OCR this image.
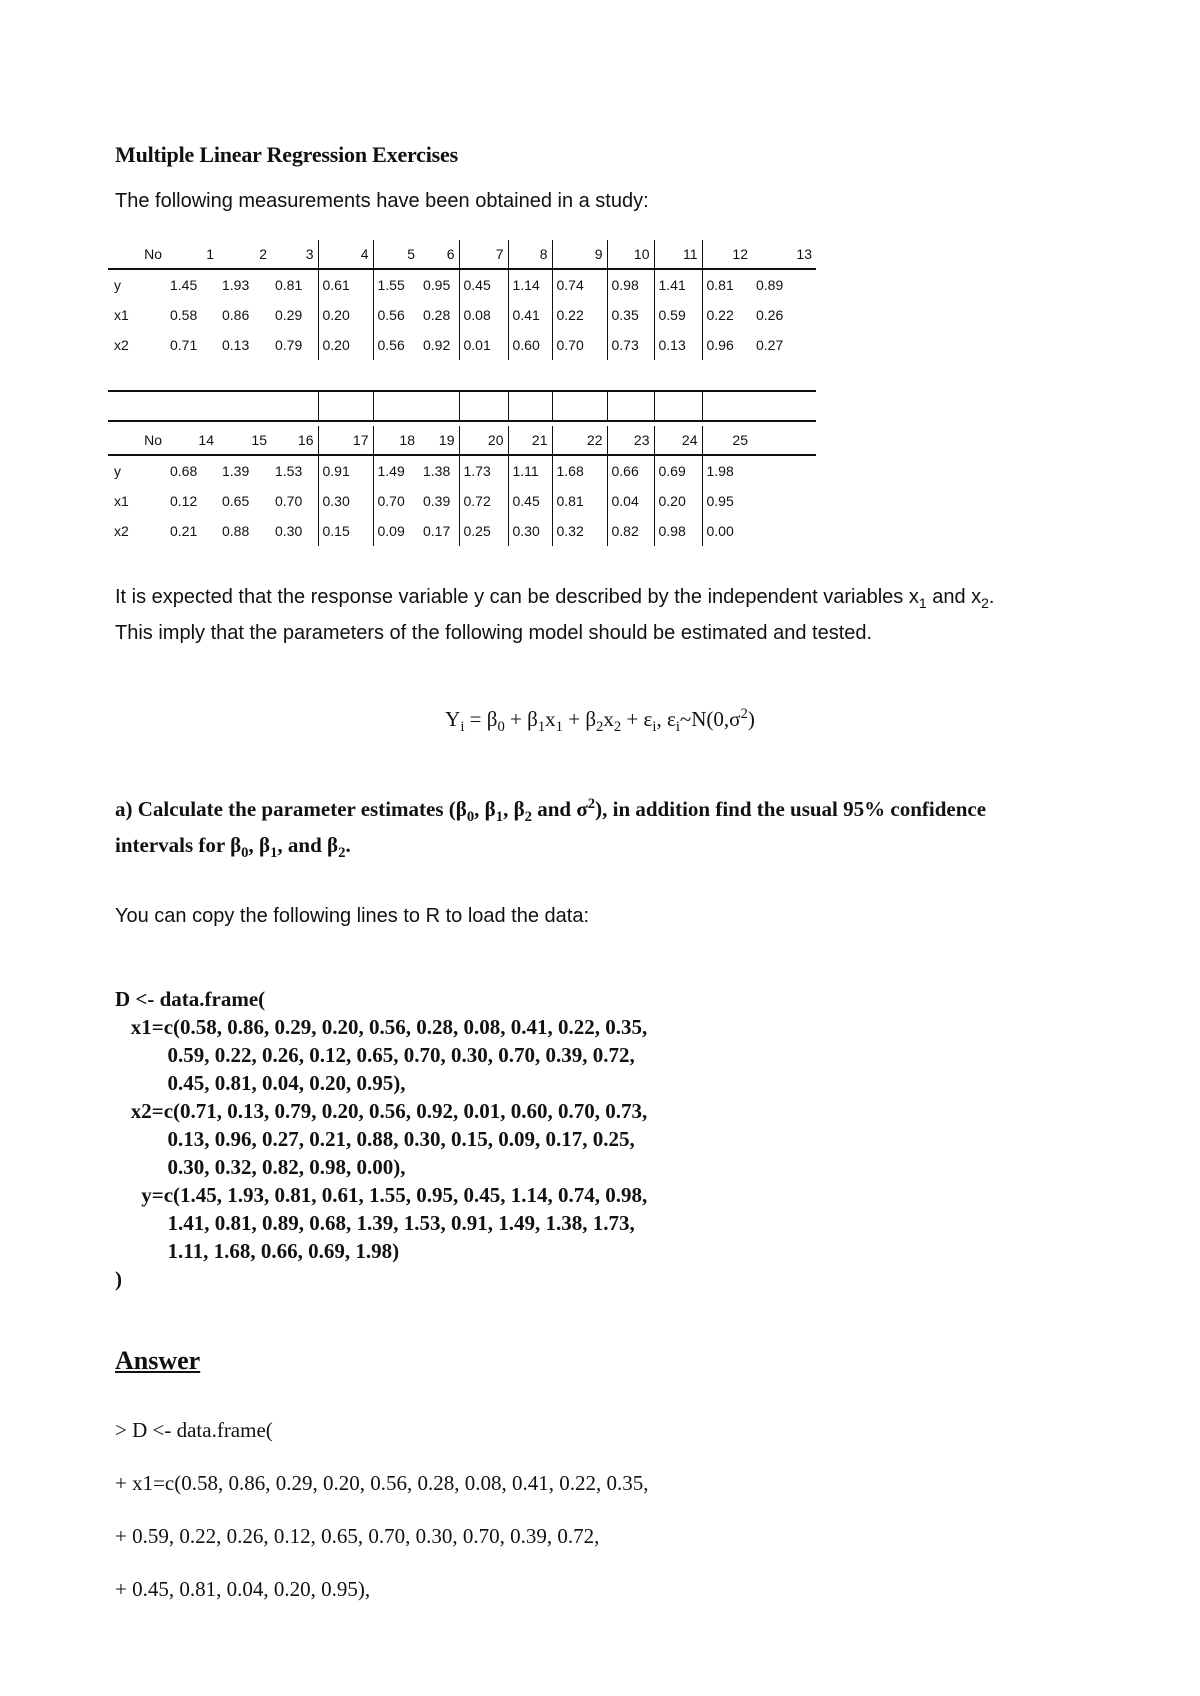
Multiple Linear Regression Exercises
The following measurements have been obtained in a study:
No	1	2	3	4	5	6	7	8	9	10	11	12	13
y	1.45	1.93	0.81	0.61	1.55	0.95	0.45	1.14	0.74	0.98	1.41	0.81	0.89
x1	0.58	0.86	0.29	0.20	0.56	0.28	0.08	0.41	0.22	0.35	0.59	0.22	0.26
x2	0.71	0.13	0.79	0.20	0.56	0.92	0.01	0.60	0.70	0.73	0.13	0.96	0.27
No	14	15	16	17	18	19	20	21	22	23	24	25	
y	0.68	1.39	1.53	0.91	1.49	1.38	1.73	1.11	1.68	0.66	0.69	1.98	
x1	0.12	0.65	0.70	0.30	0.70	0.39	0.72	0.45	0.81	0.04	0.20	0.95	
x2	0.21	0.88	0.30	0.15	0.09	0.17	0.25	0.30	0.32	0.82	0.98	0.00	
It is expected that the response variable y can be described by the independent variables $x_1$ and $x_2$.
This imply that the parameters of the following model should be estimated and tested.
$Y_i = \beta_0 + \beta_1x_1 + \beta_2x_2 + \varepsilon_i$, $\varepsilon_i\sim N(0,\sigma^2)$
a) Calculate the parameter estimates ($\beta_0$, $\beta_1$, $\beta_2$ and $\sigma^2$), in addition find the usual 95% confidence intervals for $\beta_0$, $\beta_1$, and $\beta_2$.
You can copy the following lines to R to load the data:
D <- data.frame(
x1=c(0.58, 0.86, 0.29, 0.20, 0.56, 0.28, 0.08, 0.41, 0.22, 0.35,
0.59, 0.22, 0.26, 0.12, 0.65, 0.70, 0.30, 0.70, 0.39, 0.72,
0.45, 0.81, 0.04, 0.20, 0.95),
x2=c(0.71, 0.13, 0.79, 0.20, 0.56, 0.92, 0.01, 0.60, 0.70, 0.73,
0.13, 0.96, 0.27, 0.21, 0.88, 0.30, 0.15, 0.09, 0.17, 0.25,
0.30, 0.32, 0.82, 0.98, 0.00),
y=c(1.45, 1.93, 0.81, 0.61, 1.55, 0.95, 0.45, 1.14, 0.74, 0.98,
1.41, 0.81, 0.89, 0.68, 1.39, 1.53, 0.91, 1.49, 1.38, 1.73,
1.11, 1.68, 0.66, 0.69, 1.98)
)
Answer
> D <- data.frame(
+ x1=c(0.58, 0.86, 0.29, 0.20, 0.56, 0.28, 0.08, 0.41, 0.22, 0.35,
+ 0.59, 0.22, 0.26, 0.12, 0.65, 0.70, 0.30, 0.70, 0.39, 0.72,
+ 0.45, 0.81, 0.04, 0.20, 0.95),
